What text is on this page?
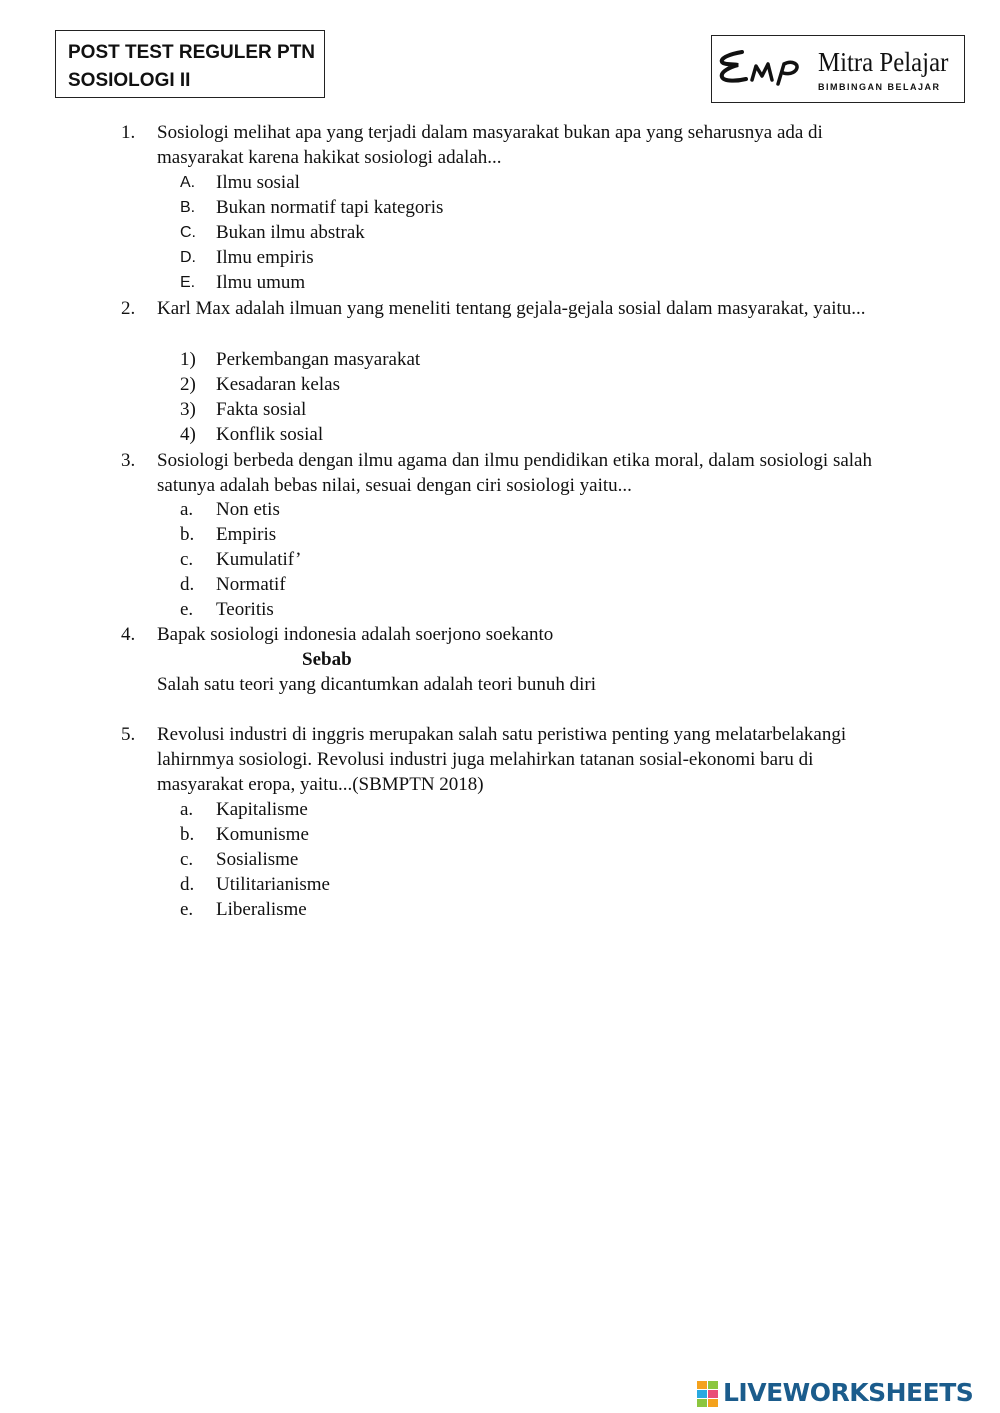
POST TEST REGULER PTN
SOSIOLOGI II
Mitra Pelajar
BIMBINGAN BELAJAR
1. Sosiologi melihat apa yang terjadi dalam masyarakat bukan apa yang seharusnya ada di masyarakat karena hakikat sosiologi adalah...
A. Ilmu sosial
B. Bukan normatif tapi kategoris
C. Bukan ilmu abstrak
D. Ilmu empiris
E. Ilmu umum
2. Karl Max adalah ilmuan yang meneliti tentang gejala-gejala sosial dalam masyarakat, yaitu...
1) Perkembangan masyarakat
2) Kesadaran kelas
3) Fakta sosial
4) Konflik sosial
3. Sosiologi berbeda dengan ilmu agama dan ilmu pendidikan etika moral, dalam sosiologi salah satunya adalah bebas nilai, sesuai dengan ciri sosiologi yaitu...
a. Non etis
b. Empiris
c. Kumulatif’
d. Normatif
e. Teoritis
4. Bapak sosiologi indonesia adalah soerjono soekanto
Sebab
Salah satu teori yang dicantumkan adalah teori bunuh diri
5. Revolusi industri di inggris merupakan salah satu peristiwa penting yang melatarbelakangi lahirnmya sosiologi. Revolusi industri juga melahirkan tatanan sosial-ekonomi baru di masyarakat eropa, yaitu...(SBMPTN 2018)
a. Kapitalisme
b. Komunisme
c. Sosialisme
d. Utilitarianisme
e. Liberalisme
LIVEWORKSHEETS
